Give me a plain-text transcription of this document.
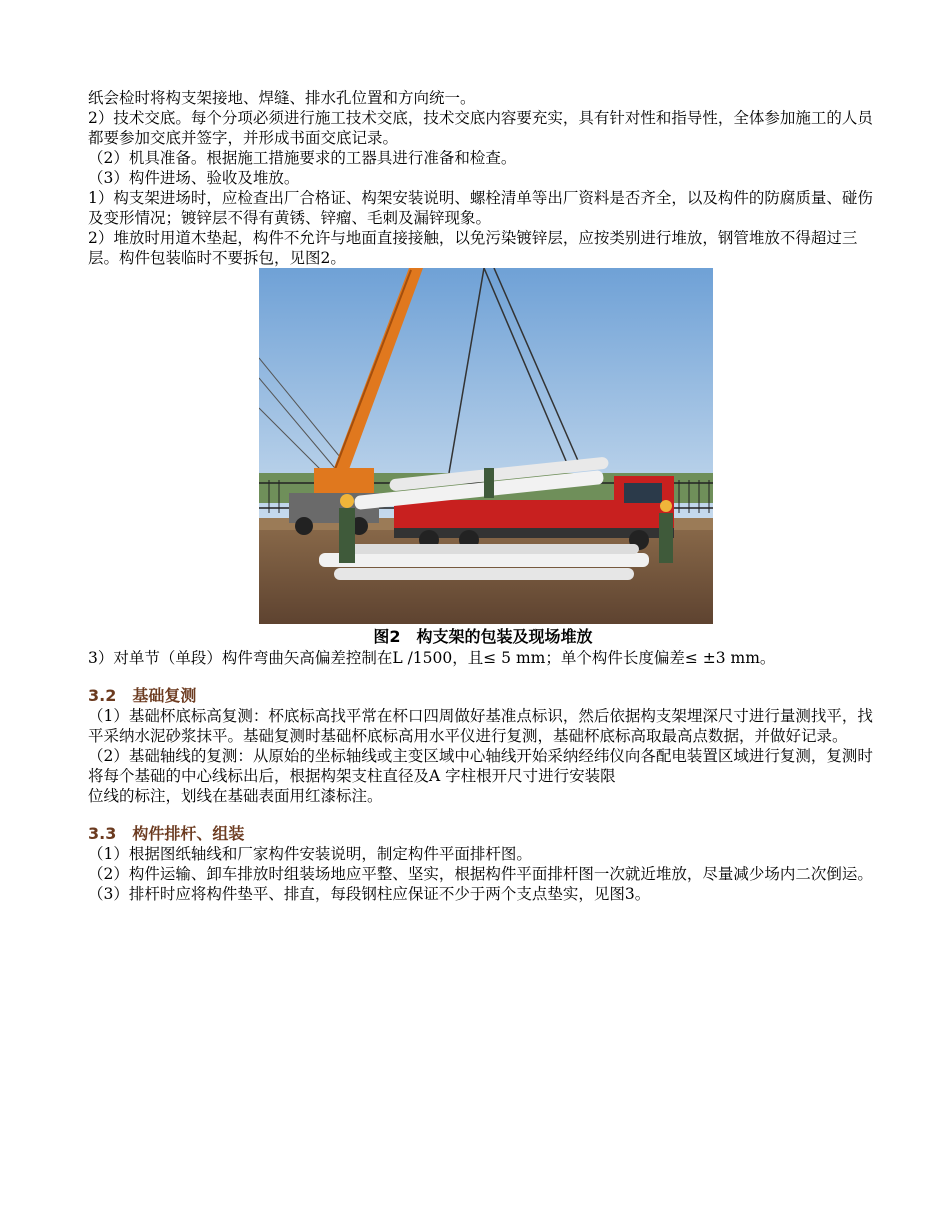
纸会检时将构支架接地、焊缝、排水孔位置和方向统一。

2）技术交底。每个分项必须进行施工技术交底，技术交底内容要充实，具有针对性和指导性，全体参加施工的人员都要参加交底并签字，并形成书面交底记录。

（2）机具准备。根据施工措施要求的工器具进行准备和检查。

（3）构件进场、验收及堆放。

1）构支架进场时，应检查出厂合格证、构架安装说明、螺栓清单等出厂资料是否齐全，以及构件的防腐质量、碰伤及变形情况；镀锌层不得有黄锈、锌瘤、毛刺及漏锌现象。

2）堆放时用道木垫起，构件不允许与地面直接接触，以免污染镀锌层，应按类别进行堆放，钢管堆放不得超过三层。构件包装临时不要拆包，见图2。

图2　构支架的包装及现场堆放

3）对单节（单段）构件弯曲矢高偏差控制在L /1500，且≤ 5 mm；单个构件长度偏差≤ ±3 mm。

3.2　基础复测

（1）基础杯底标高复测：杯底标高找平常在杯口四周做好基准点标识，然后依据构支架埋深尺寸进行量测找平，找平采纳水泥砂浆抹平。基础复测时基础杯底标高用水平仪进行复测，基础杯底标高取最高点数据，并做好记录。

（2）基础轴线的复测：从原始的坐标轴线或主变区域中心轴线开始采纳经纬仪向各配电装置区域进行复测，复测时将每个基础的中心线标出后，根据构架支柱直径及A 字柱根开尺寸进行安装限

位线的标注，划线在基础表面用红漆标注。

3.3　构件排杆、组装

（1）根据图纸轴线和厂家构件安装说明，制定构件平面排杆图。

（2）构件运输、卸车排放时组装场地应平整、坚实，根据构件平面排杆图一次就近堆放，尽量减少场内二次倒运。

（3）排杆时应将构件垫平、排直，每段钢柱应保证不少于两个支点垫实，见图3。
